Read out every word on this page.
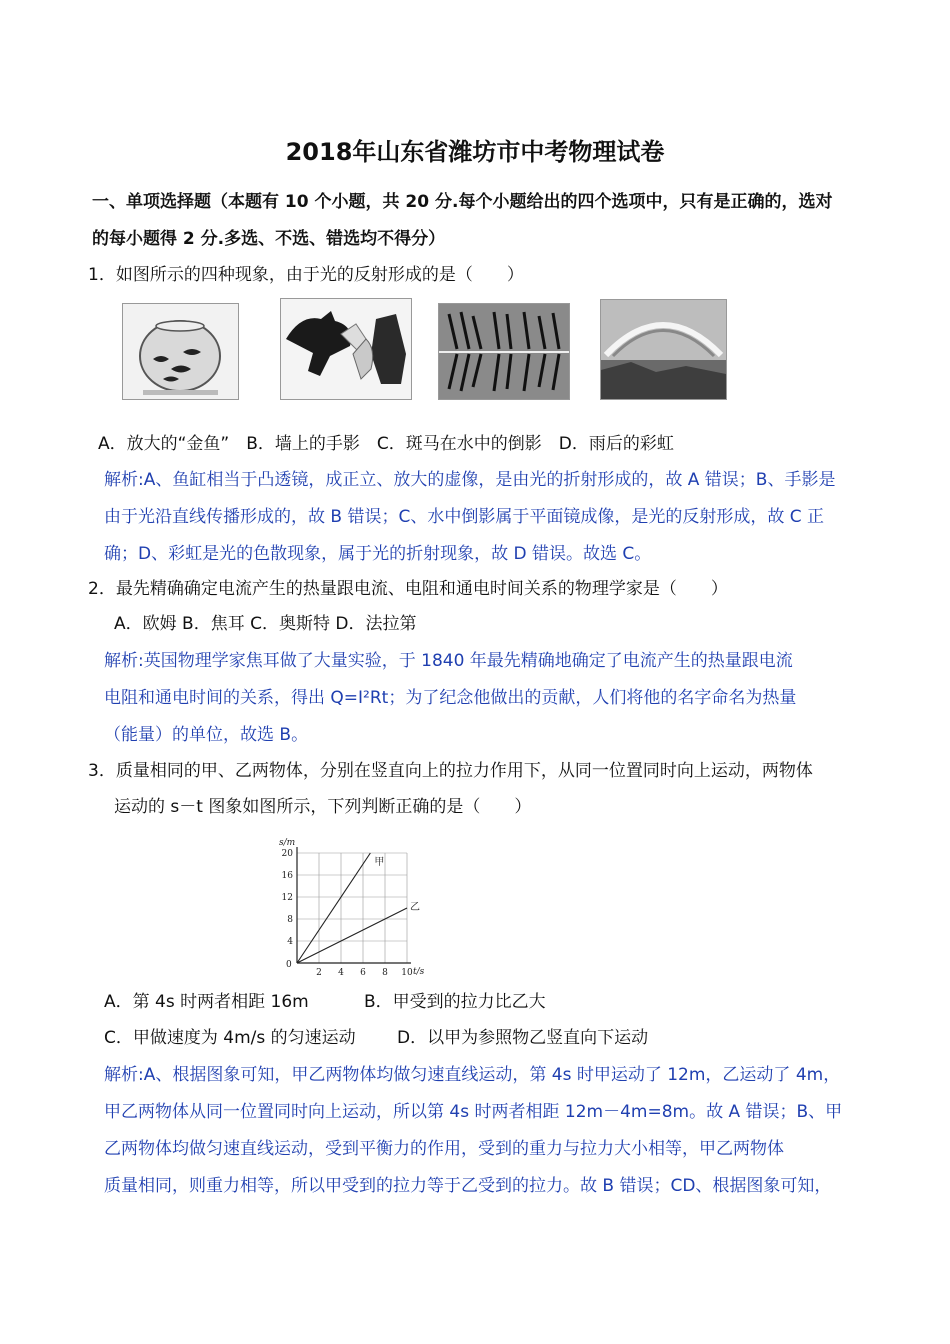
2018年山东省潍坊市中考物理试卷
一、单项选择题（本题有 10 个小题，共 20 分.每个小题给出的四个选项中，只有是正确的，选对
的每小题得 2 分.多选、不选、错选均不得分）
1．如图所示的四种现象，由于光的反射形成的是（　　）
A．放大的“金鱼”　B．墙上的手影　C．斑马在水中的倒影　D．雨后的彩虹
解析:A、鱼缸相当于凸透镜，成正立、放大的虚像，是由光的折射形成的，故 A 错误；B、手影是
由于光沿直线传播形成的，故 B 错误；C、水中倒影属于平面镜成像，是光的反射形成，故 C 正
确；D、彩虹是光的色散现象，属于光的折射现象，故 D 错误。故选 C。
2．最先精确确定电流产生的热量跟电流、电阻和通电时间关系的物理学家是（　　）
A．欧姆 B．焦耳 C．奥斯特 D．法拉第
解析:英国物理学家焦耳做了大量实验，于 1840 年最先精确地确定了电流产生的热量跟电流
电阻和通电时间的关系，得出 Q=I²Rt；为了纪念他做出的贡献，人们将他的名字命名为热量
（能量）的单位，故选 B。
3．质量相同的甲、乙两物体，分别在竖直向上的拉力作用下，从同一位置同时向上运动，两物体
运动的 s－t 图象如图所示，下列判断正确的是（　　）
2 4 6 8 10
4
8
12
16
20
t/s
s/m
0
甲
乙
A．第 4s 时两者相距 16m	B．甲受到的拉力比乙大
C．甲做速度为 4m/s 的匀速运动 D．以甲为参照物乙竖直向下运动
解析:A、根据图象可知，甲乙两物体均做匀速直线运动，第 4s 时甲运动了 12m，乙运动了 4m，
甲乙两物体从同一位置同时向上运动，所以第 4s 时两者相距 12m－4m=8m。故 A 错误；B、甲
乙两物体均做匀速直线运动，受到平衡力的作用，受到的重力与拉力大小相等，甲乙两物体
质量相同，则重力相等，所以甲受到的拉力等于乙受到的拉力。故 B 错误；CD、根据图象可知，
